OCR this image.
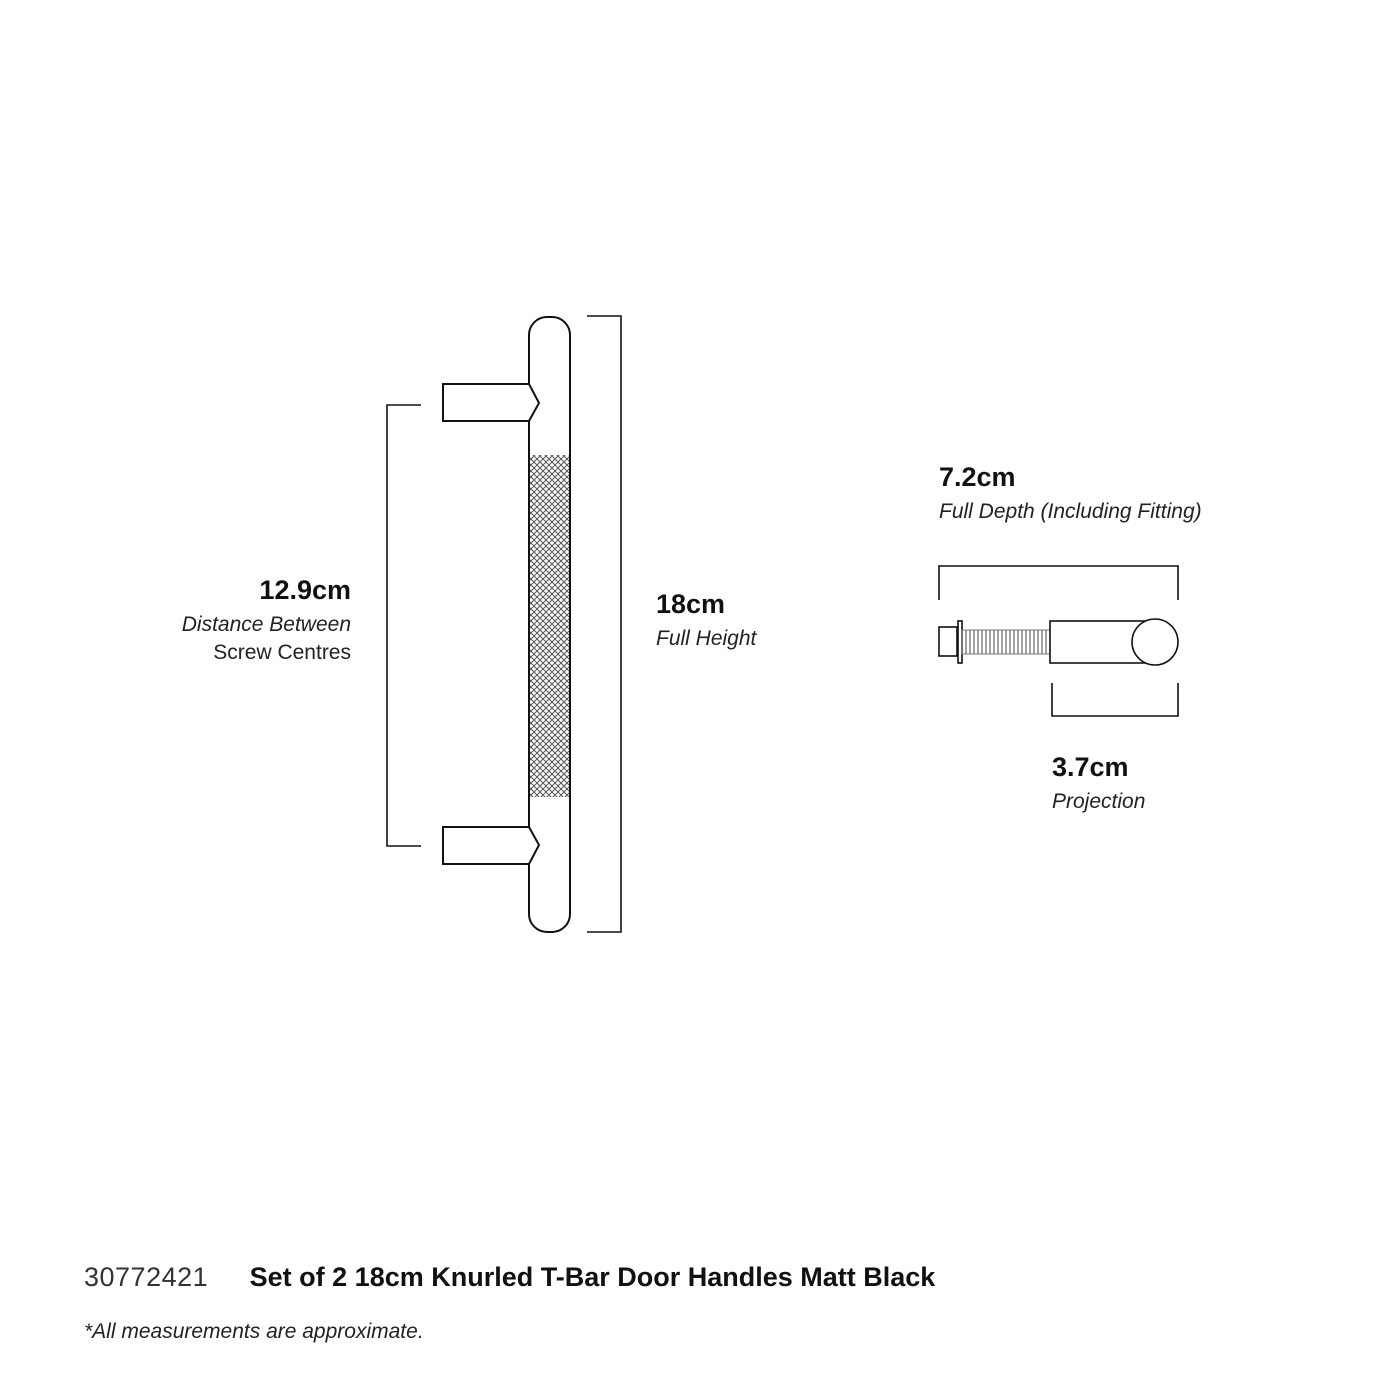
12.9cm
Distance Between
Screw Centres
18cm
Full Height
7.2cm
Full Depth (Including Fitting)
3.7cm
Projection
30772421 Set of 2 18cm Knurled T-Bar Door Handles Matt Black
*All measurements are approximate.
